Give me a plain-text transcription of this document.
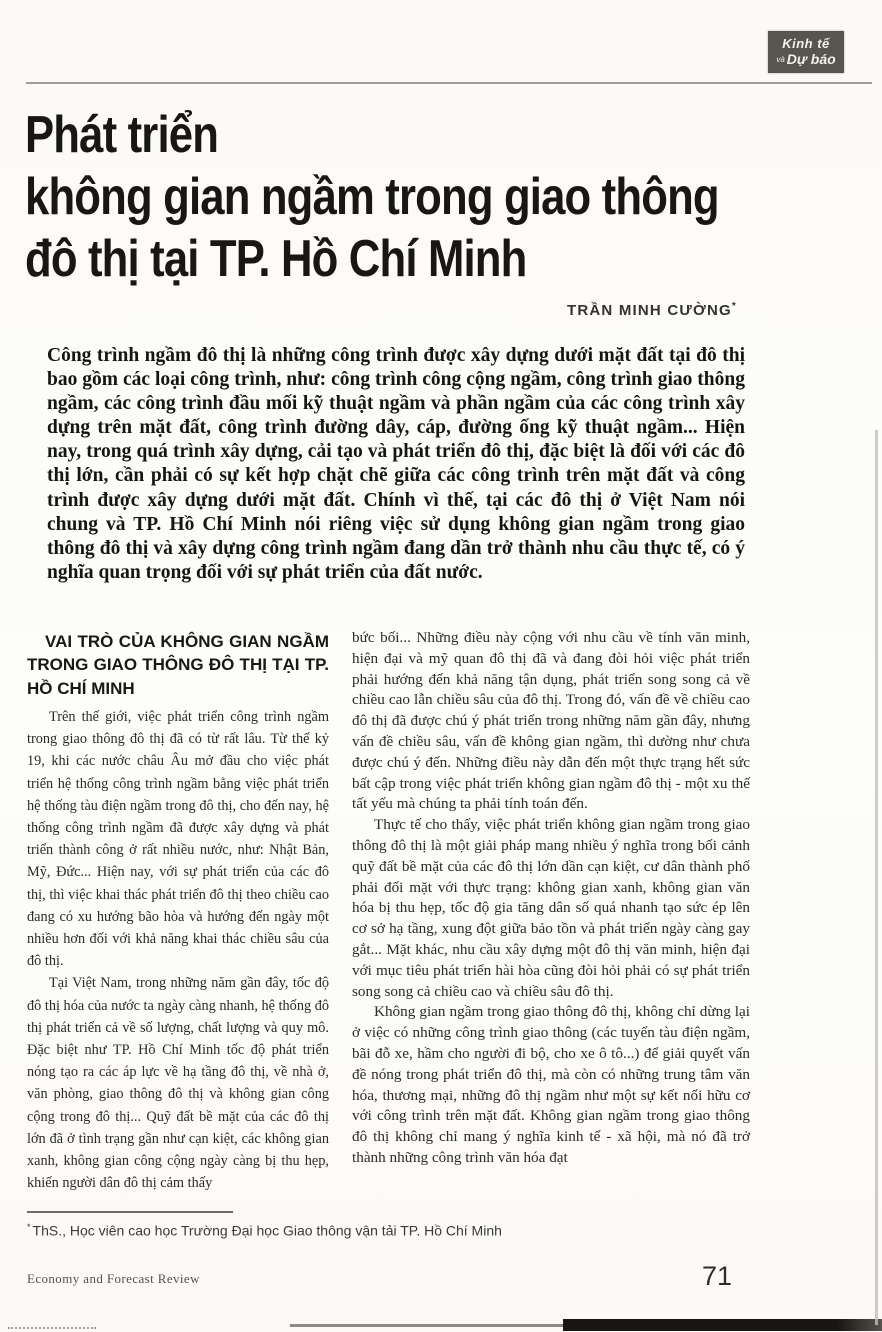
Kinh tế
và Dự báo
Phát triển
không gian ngầm trong giao thông
đô thị tại TP. Hồ Chí Minh
TRẦN MINH CƯỜNG*
Công trình ngầm đô thị là những công trình được xây dựng dưới mặt đất tại đô thị bao gồm các loại công trình, như: công trình công cộng ngầm, công trình giao thông ngầm, các công trình đầu mối kỹ thuật ngầm và phần ngầm của các công trình xây dựng trên mặt đất, công trình đường dây, cáp, đường ống kỹ thuật ngầm... Hiện nay, trong quá trình xây dựng, cải tạo và phát triển đô thị, đặc biệt là đối với các đô thị lớn, cần phải có sự kết hợp chặt chẽ giữa các công trình trên mặt đất và công trình được xây dựng dưới mặt đất. Chính vì thế, tại các đô thị ở Việt Nam nói chung và TP. Hồ Chí Minh nói riêng việc sử dụng không gian ngầm trong giao thông đô thị và xây dựng công trình ngầm đang dần trở thành nhu cầu thực tế, có ý nghĩa quan trọng đối với sự phát triển của đất nước.
VAI TRÒ CỦA KHÔNG GIAN NGẦM TRONG GIAO THÔNG ĐÔ THỊ TẠI TP. HỒ CHÍ MINH

Trên thế giới, việc phát triển công trình ngầm trong giao thông đô thị đã có từ rất lâu. Từ thế kỷ 19, khi các nước châu Âu mở đầu cho việc phát triển hệ thống công trình ngầm bằng việc phát triển hệ thống tàu điện ngầm trong đô thị, cho đến nay, hệ thống công trình ngầm đã được xây dựng và phát triển thành công ở rất nhiều nước, như: Nhật Bản, Mỹ, Đức... Hiện nay, với sự phát triển của các đô thị, thì việc khai thác phát triển đô thị theo chiều cao đang có xu hướng bão hòa và hướng đến ngày một nhiều hơn đối với khả năng khai thác chiều sâu của đô thị.

Tại Việt Nam, trong những năm gần đây, tốc độ đô thị hóa của nước ta ngày càng nhanh, hệ thống đô thị phát triển cả về số lượng, chất lượng và quy mô. Đặc biệt như TP. Hồ Chí Minh tốc độ phát triển nóng tạo ra các áp lực về hạ tầng đô thị, về nhà ở, văn phòng, giao thông đô thị và không gian công cộng trong đô thị... Quỹ đất bề mặt của các đô thị lớn đã ở tình trạng gần như cạn kiệt, các không gian xanh, không gian công cộng ngày càng bị thu hẹp, khiến người dân đô thị cảm thấy

bức bối... Những điều này cộng với nhu cầu về tính văn minh, hiện đại và mỹ quan đô thị đã và đang đòi hỏi việc phát triển phải hướng đến khả năng tận dụng, phát triển song song cả về chiều cao lẫn chiều sâu của đô thị. Trong đó, vấn đề về chiều cao đô thị đã được chú ý phát triển trong những năm gần đây, nhưng vấn đề chiều sâu, vấn đề không gian ngầm, thì dường như chưa được chú ý đến. Những điều này dẫn đến một thực trạng hết sức bất cập trong việc phát triển không gian ngầm đô thị - một xu thế tất yếu mà chúng ta phải tính toán đến.

Thực tế cho thấy, việc phát triển không gian ngầm trong giao thông đô thị là một giải pháp mang nhiều ý nghĩa trong bối cảnh quỹ đất bề mặt của các đô thị lớn dần cạn kiệt, cư dân thành phố phải đối mặt với thực trạng: không gian xanh, không gian văn hóa bị thu hẹp, tốc độ gia tăng dân số quá nhanh tạo sức ép lên cơ sở hạ tầng, xung đột giữa bảo tồn và phát triển ngày càng gay gắt... Mặt khác, nhu cầu xây dựng một đô thị văn minh, hiện đại với mục tiêu phát triển hài hòa cũng đòi hỏi phải có sự phát triển song song cả chiều cao và chiều sâu đô thị.

Không gian ngầm trong giao thông đô thị, không chỉ dừng lại ở việc có những công trình giao thông (các tuyến tàu điện ngầm, bãi đỗ xe, hầm cho người đi bộ, cho xe ô tô...) để giải quyết vấn đề nóng trong phát triển đô thị, mà còn có những trung tâm văn hóa, thương mại, những đô thị ngầm như một sự kết nối hữu cơ với công trình trên mặt đất. Không gian ngầm trong giao thông đô thị không chỉ mang ý nghĩa kinh tế - xã hội, mà nó đã trở thành những công trình văn hóa đạt

* ThS., Học viên cao học Trường Đại học Giao thông vận tải TP. Hồ Chí Minh
Economy and Forecast Review	71
